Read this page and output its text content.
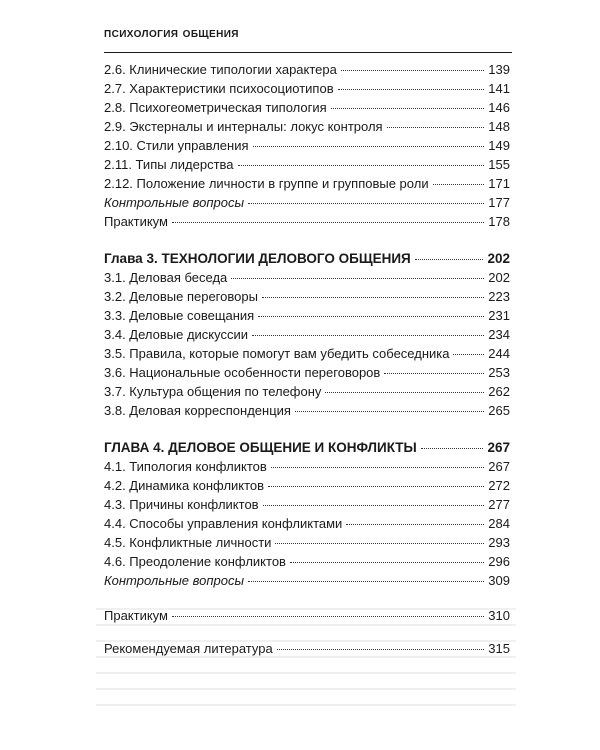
психология общения
2.6. Клинические типологии характера	139
2.7. Характеристики психосоциотипов	141
2.8. Психогеометрическая типология	146
2.9. Экстерналы и интерналы: локус контроля	148
2.10. Стили управления	149
2.11. Типы лидерства	155
2.12. Положение личности в группе и групповые роли	171
Контрольные вопросы	177
Практикум	178
Глава 3. ТЕХНОЛОГИИ ДЕЛОВОГО ОБЩЕНИЯ	202
3.1. Деловая беседа	202
3.2. Деловые переговоры	223
3.3. Деловые совещания	231
3.4. Деловые дискуссии	234
3.5. Правила, которые помогут вам убедить собеседника	244
3.6. Национальные особенности переговоров	253
3.7. Культура общения по телефону	262
3.8. Деловая корреспонденция	265
ГЛАВА 4. ДЕЛОВОЕ ОБЩЕНИЕ И КОНФЛИКТЫ	267
4.1. Типология конфликтов	267
4.2. Динамика конфликтов	272
4.3. Причины конфликтов	277
4.4. Способы управления конфликтами	284
4.5. Конфликтные личности	293
4.6. Преодоление конфликтов	296
Контрольные вопросы	309
Практикум	310
Рекомендуемая литература	315
